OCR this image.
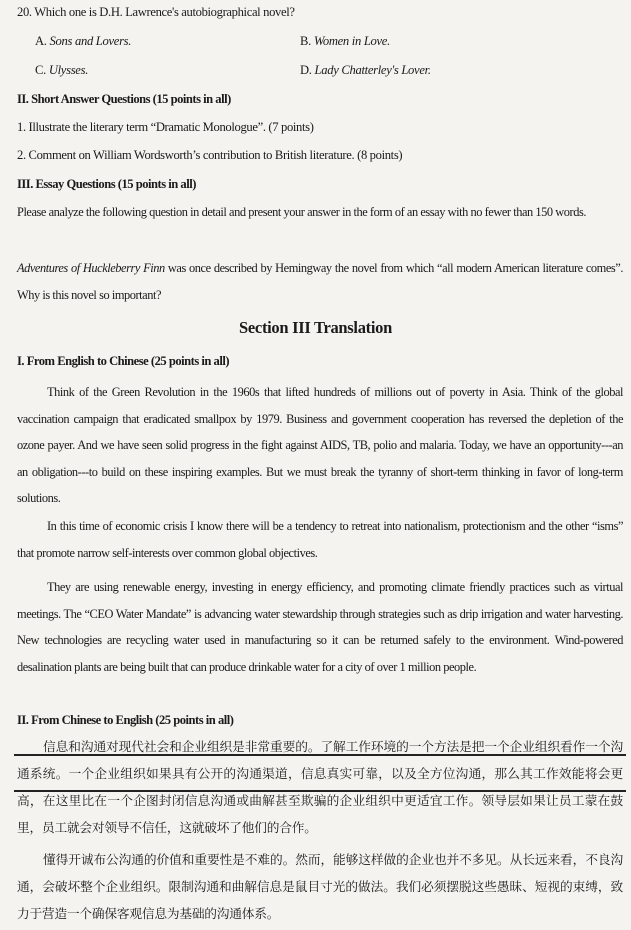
20. Which one is D.H. Lawrence's autobiographical novel?
A. Sons and Lovers.	B. Women in Love.
C. Ulysses.	D. Lady Chatterley's Lover.
II. Short Answer Questions (15 points in all)
1. Illustrate the literary term “Dramatic Monologue”. (7 points)
2. Comment on William Wordsworth’s contribution to British literature. (8 points)
III. Essay Questions (15 points in all)
Please analyze the following question in detail and present your answer in the form of an essay with no fewer than 150 words.
Adventures of Huckleberry Finn was once described by Hemingway the novel from which “all modern American literature comes”. Why is this novel so important?
Section III Translation
I. From English to Chinese (25 points in all)
Think of the Green Revolution in the 1960s that lifted hundreds of millions out of poverty in Asia. Think of the global vaccination campaign that eradicated smallpox by 1979. Business and government cooperation has reversed the depletion of the ozone payer. And we have seen solid progress in the fight against AIDS, TB, polio and malaria. Today, we have an opportunity---an an obligation---to build on these inspiring examples. But we must break the tyranny of short-term thinking in favor of long-term solutions.
In this time of economic crisis I know there will be a tendency to retreat into nationalism, protectionism and the other “isms” that promote narrow self-interests over common global objectives.
They are using renewable energy, investing in energy efficiency, and promoting climate friendly practices such as virtual meetings. The “CEO Water Mandate” is advancing water stewardship through strategies such as drip irrigation and water harvesting. New technologies are recycling water used in manufacturing so it can be returned safely to the environment. Wind-powered desalination plants are being built that can produce drinkable water for a city of over 1 million people.
II. From Chinese to English (25 points in all)
信息和沟通对现代社会和企业组织是非常重要的。了解工作环境的一个方法是把一个企业组织看作一个沟通系统。一个企业组织如果具有公开的沟通渠道，信息真实可靠，以及全方位沟通，那么其工作效能将会更高，在这里比在一个企图封闭信息沟通或曲解甚至欺骗的企业组织中更适宜工作。领导层如果让员工蒙在鼓里，员工就会对领导不信任，这就破坏了他们的合作。
懂得开诚布公沟通的价值和重要性是不难的。然而，能够这样做的企业也并不多见。从长远来看，不良沟通，会破坏整个企业组织。限制沟通和曲解信息是鼠目寸光的做法。我们必须摆脱这些愚昧、短视的束缚，致力于营造一个确保客观信息为基础的沟通体系。
